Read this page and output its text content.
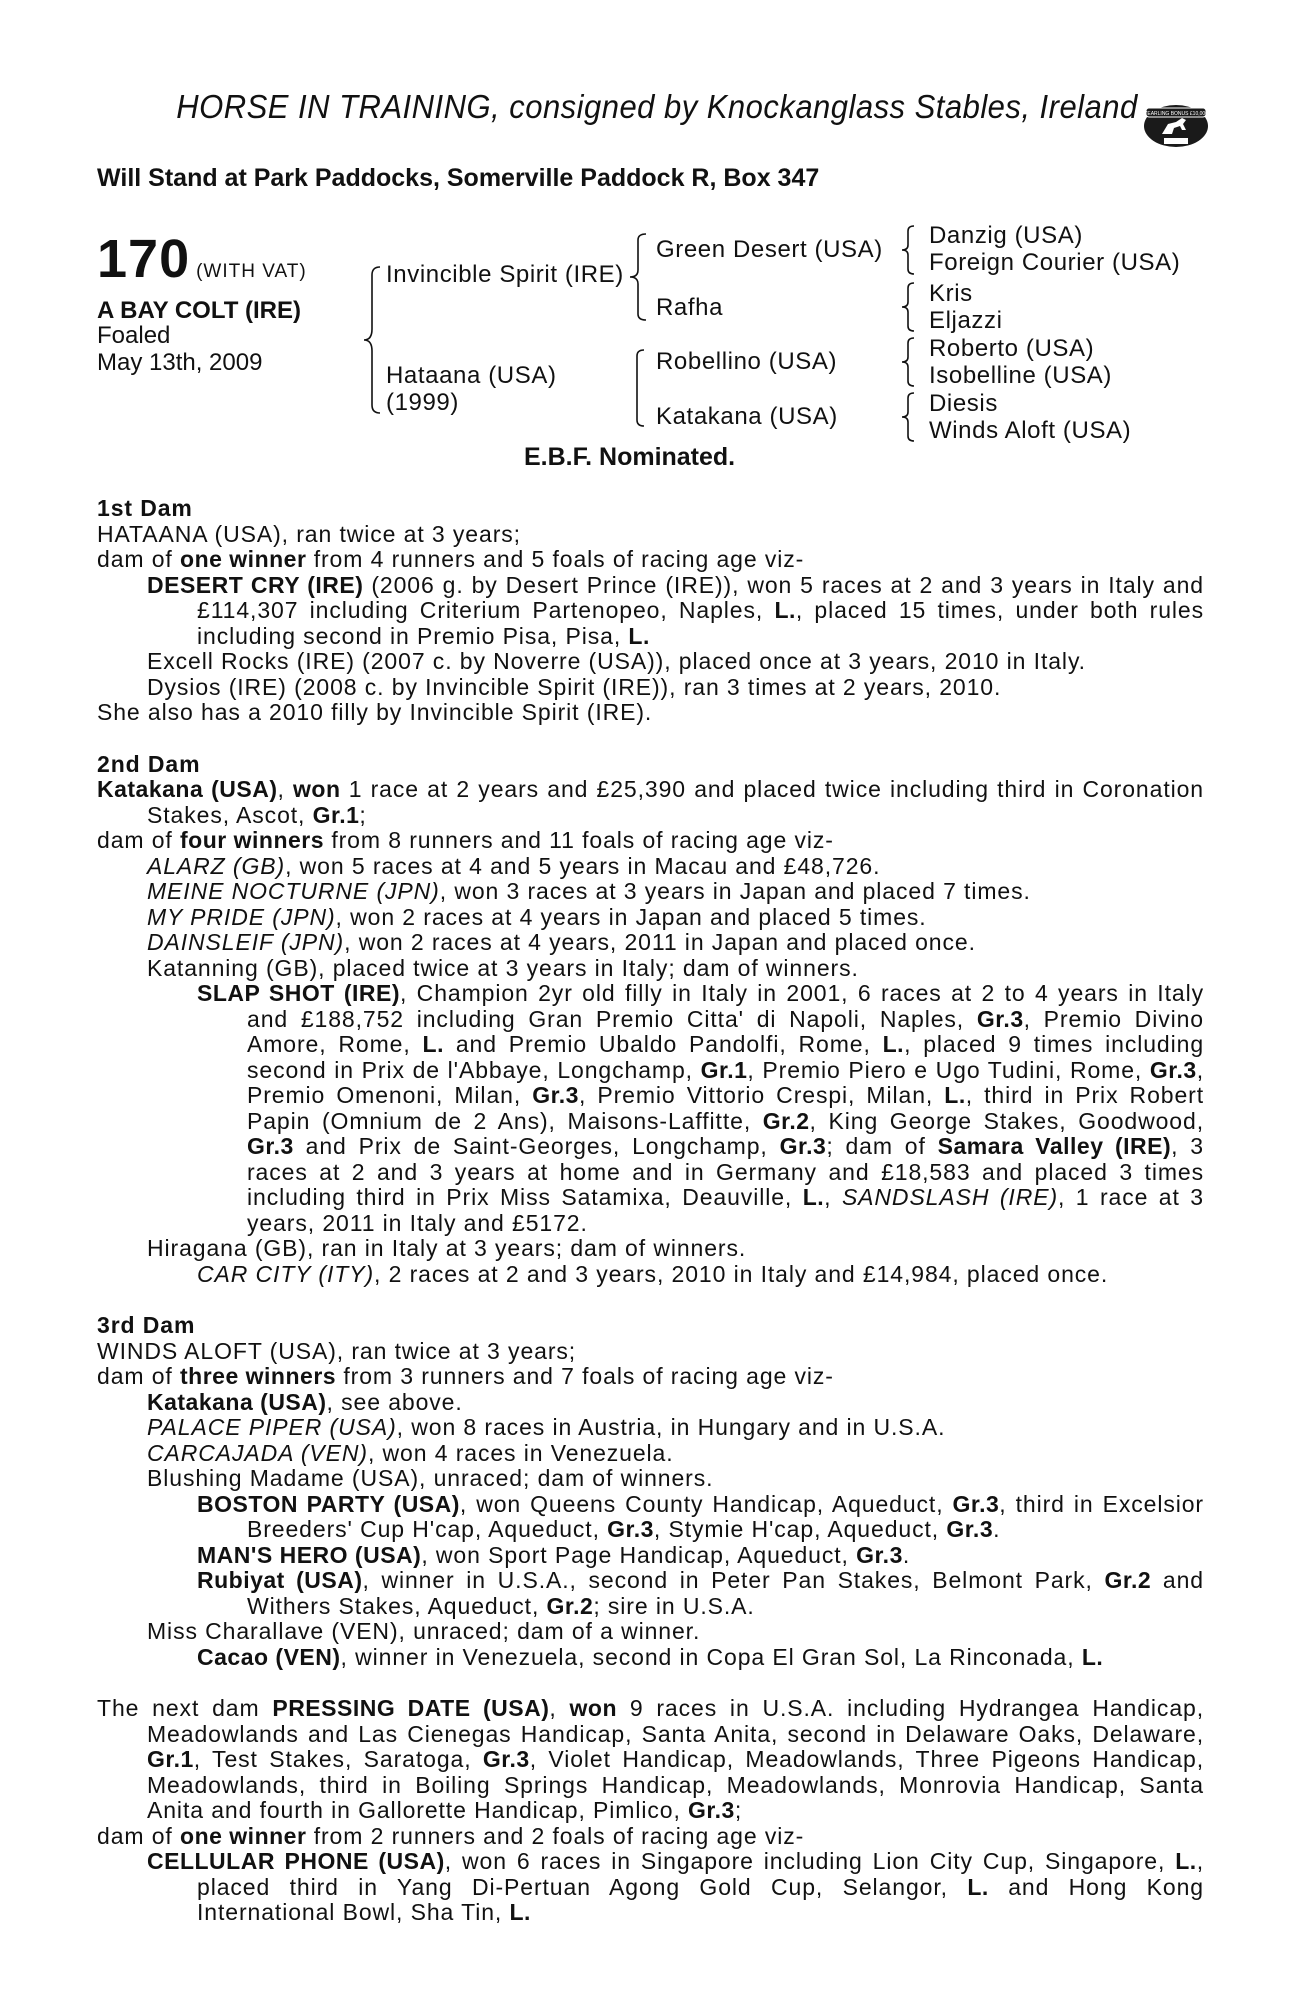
HORSE IN TRAINING, consigned by Knockanglass Stables, Ireland	YEARLING BONUS £10,000
Will Stand at Park Paddocks, Somerville Paddock R, Box 347
170 (WITH VAT)
A BAY COLT (IRE)
Foaled
May 13th, 2009
Invincible Spirit (IRE)
Hataana (USA)
(1999)
Green Desert (USA)
Rafha
Robellino (USA)
Katakana (USA)
Danzig (USA)
Foreign Courier (USA)
Kris
Eljazzi
Roberto (USA)
Isobelline (USA)
Diesis
Winds Aloft (USA)
E.B.F. Nominated.

1st Dam

HATAANA (USA), ran twice at 3 years;

dam of one winner from 4 runners and 5 foals of racing age viz-

DESERT CRY (IRE) (2006 g. by Desert Prince (IRE)), won 5 races at 2 and 3 years in Italy and £114,307 including Criterium Partenopeo, Naples, L., placed 15 times, under both rules including second in Premio Pisa, Pisa, L.

Excell Rocks (IRE) (2007 c. by Noverre (USA)), placed once at 3 years, 2010 in Italy.

Dysios (IRE) (2008 c. by Invincible Spirit (IRE)), ran 3 times at 2 years, 2010.

She also has a 2010 filly by Invincible Spirit (IRE).

2nd Dam

Katakana (USA), won 1 race at 2 years and £25,390 and placed twice including third in Coronation Stakes, Ascot, Gr.1;

dam of four winners from 8 runners and 11 foals of racing age viz-

ALARZ (GB), won 5 races at 4 and 5 years in Macau and £48,726.

MEINE NOCTURNE (JPN), won 3 races at 3 years in Japan and placed 7 times.

MY PRIDE (JPN), won 2 races at 4 years in Japan and placed 5 times.

DAINSLEIF (JPN), won 2 races at 4 years, 2011 in Japan and placed once.

Katanning (GB), placed twice at 3 years in Italy; dam of winners.

SLAP SHOT (IRE), Champion 2yr old filly in Italy in 2001, 6 races at 2 to 4 years in Italy and £188,752 including Gran Premio Citta' di Napoli, Naples, Gr.3, Premio Divino Amore, Rome, L. and Premio Ubaldo Pandolfi, Rome, L., placed 9 times including second in Prix de l'Abbaye, Longchamp, Gr.1, Premio Piero e Ugo Tudini, Rome, Gr.3, Premio Omenoni, Milan, Gr.3, Premio Vittorio Crespi, Milan, L., third in Prix Robert Papin (Omnium de 2 Ans), Maisons-Laffitte, Gr.2, King George Stakes, Goodwood, Gr.3 and Prix de Saint-Georges, Longchamp, Gr.3; dam of Samara Valley (IRE), 3 races at 2 and 3 years at home and in Germany and £18,583 and placed 3 times including third in Prix Miss Satamixa, Deauville, L., SANDSLASH (IRE), 1 race at 3 years, 2011 in Italy and £5172.

Hiragana (GB), ran in Italy at 3 years; dam of winners.

CAR CITY (ITY), 2 races at 2 and 3 years, 2010 in Italy and £14,984, placed once.

3rd Dam

WINDS ALOFT (USA), ran twice at 3 years;

dam of three winners from 3 runners and 7 foals of racing age viz-

Katakana (USA), see above.

PALACE PIPER (USA), won 8 races in Austria, in Hungary and in U.S.A.

CARCAJADA (VEN), won 4 races in Venezuela.

Blushing Madame (USA), unraced; dam of winners.

BOSTON PARTY (USA), won Queens County Handicap, Aqueduct, Gr.3, third in Excelsior Breeders' Cup H'cap, Aqueduct, Gr.3, Stymie H'cap, Aqueduct, Gr.3.

MAN'S HERO (USA), won Sport Page Handicap, Aqueduct, Gr.3.

Rubiyat (USA), winner in U.S.A., second in Peter Pan Stakes, Belmont Park, Gr.2 and Withers Stakes, Aqueduct, Gr.2; sire in U.S.A.

Miss Charallave (VEN), unraced; dam of a winner.

Cacao (VEN), winner in Venezuela, second in Copa El Gran Sol, La Rinconada, L.

The next dam PRESSING DATE (USA), won 9 races in U.S.A. including Hydrangea Handicap, Meadowlands and Las Cienegas Handicap, Santa Anita, second in Delaware Oaks, Delaware, Gr.1, Test Stakes, Saratoga, Gr.3, Violet Handicap, Meadowlands, Three Pigeons Handicap, Meadowlands, third in Boiling Springs Handicap, Meadowlands, Monrovia Handicap, Santa Anita and fourth in Gallorette Handicap, Pimlico, Gr.3;

dam of one winner from 2 runners and 2 foals of racing age viz-

CELLULAR PHONE (USA), won 6 races in Singapore including Lion City Cup, Singapore, L., placed third in Yang Di-Pertuan Agong Gold Cup, Selangor, L. and Hong Kong International Bowl, Sha Tin, L.
